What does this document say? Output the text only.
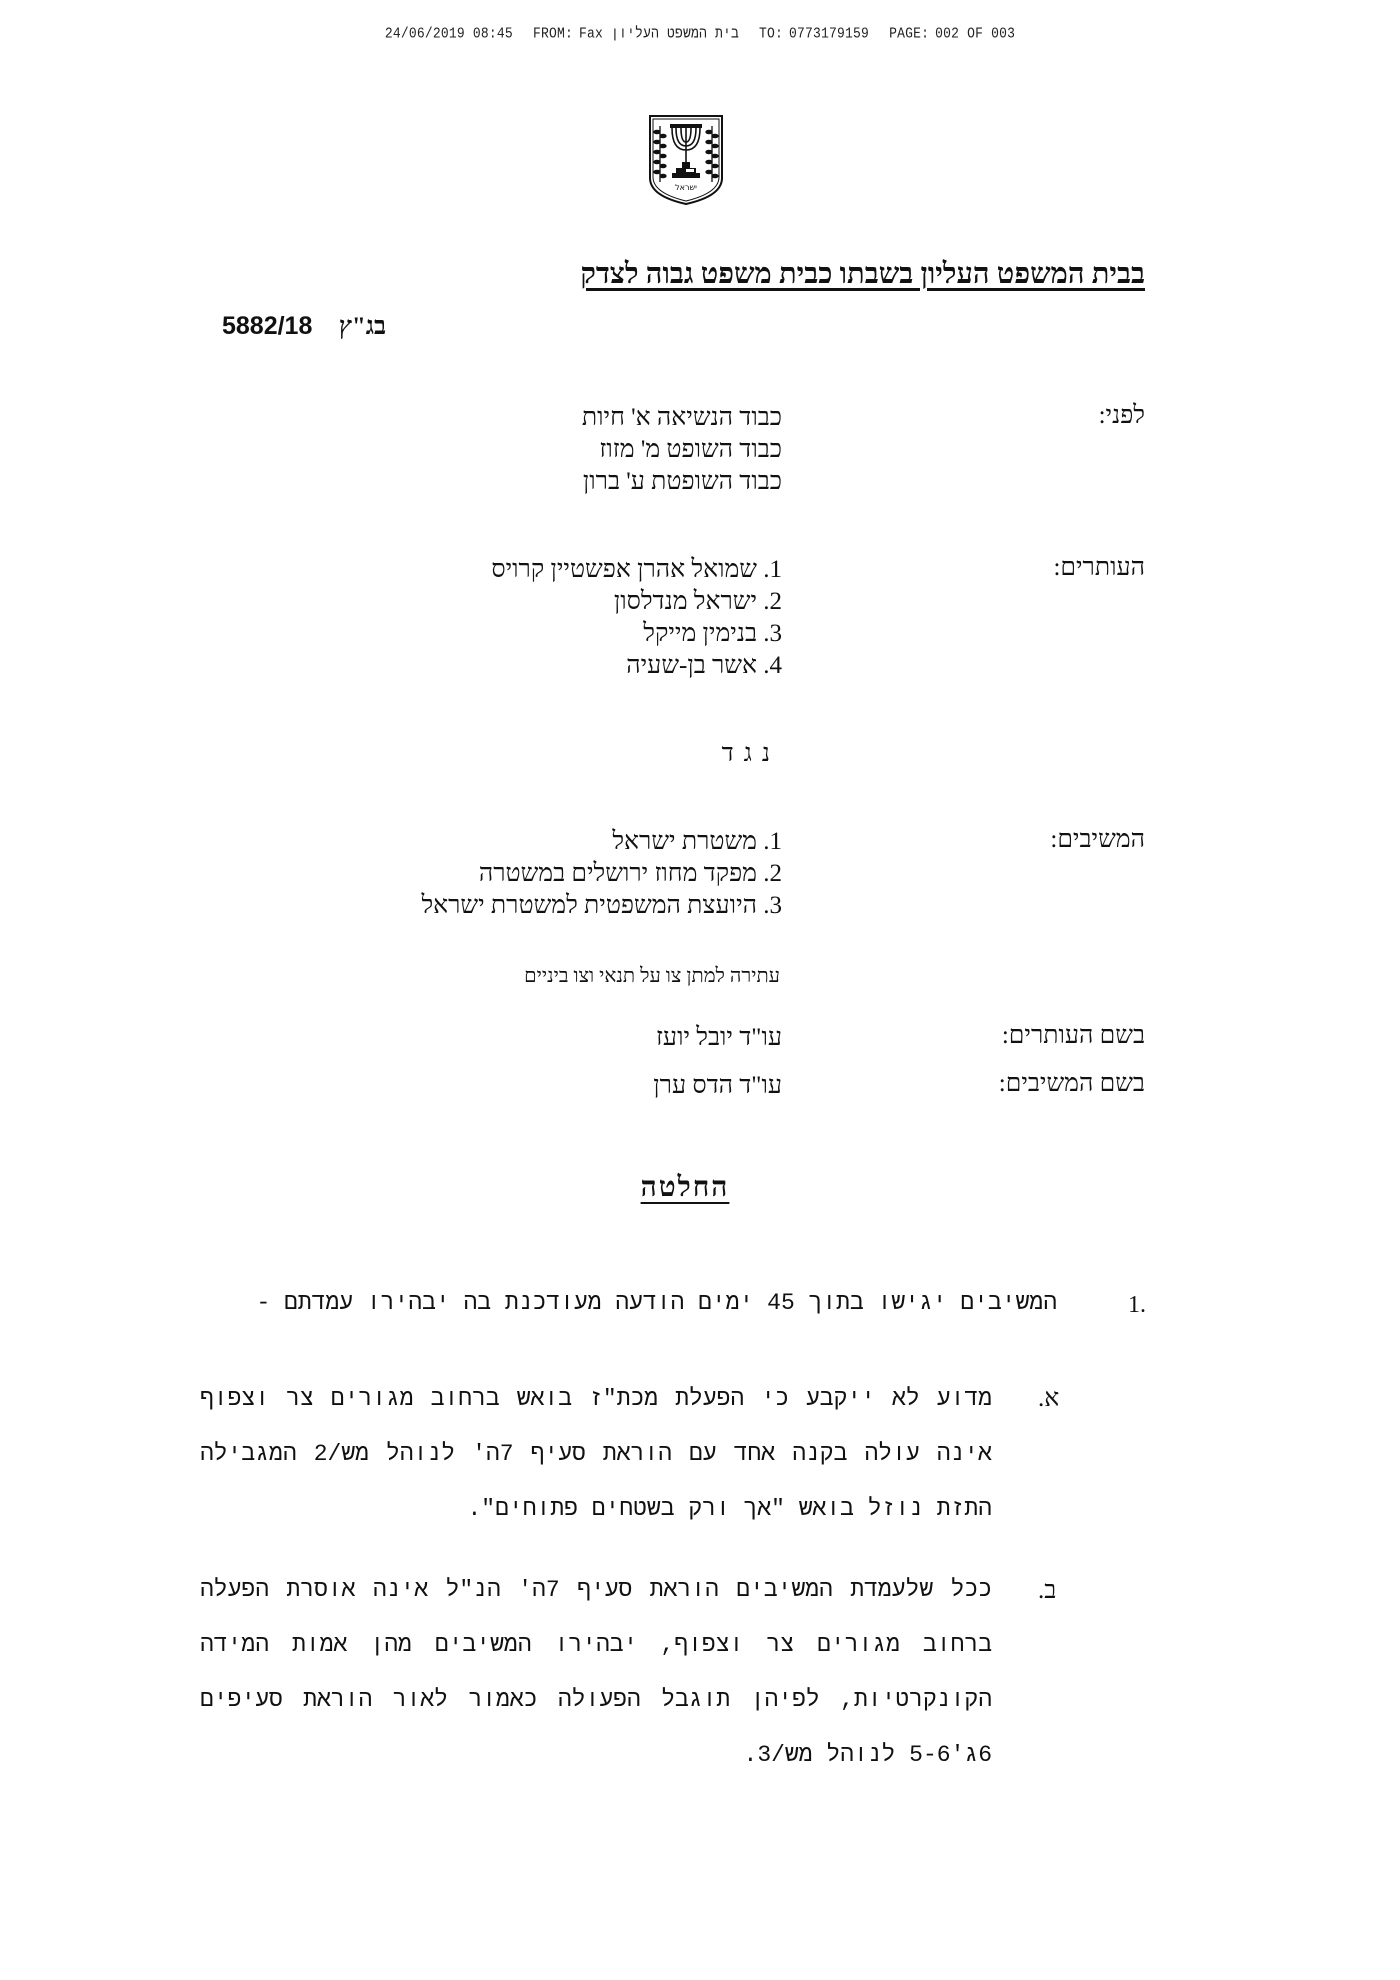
24/06/2019 08:45 FROM: Fax בית המשפט העליון TO: 0773179159 PAGE: 002 OF 003
ישראל
בבית המשפט העליון בשבתו כבית משפט גבוה לצדק
5882/18 בג"ץ
לפני:
כבוד הנשיאה א' חיות
כבוד השופט מ' מזוז
כבוד השופטת ע' ברון
העותרים:
1. שמואל אהרן אפשטיין קרויס
2. ישראל מנדלסון
3. בנימין מייקל
4. אשר בן-שעיה
נגד
המשיבים:
1. משטרת ישראל
2. מפקד מחוז ירושלים במשטרה
3. היועצת המשפטית למשטרת ישראל
עתירה למתן צו על תנאי וצו ביניים
בשם העותרים:
עו"ד יובל יועז
בשם המשיבים:
עו"ד הדס ערן
החלטה
1.
המשיבים יגישו בתוך 45 ימים הודעה מעודכנת בה יבהירו עמדתם -
א.
מדוע לא ייקבע כי הפעלת מכת"ז בואש ברחוב מגורים צר וצפוף אינה עולה בקנה אחד עם הוראת סעיף 7ה' לנוהל מש/2 המגבילה התזת נוזל בואש "אך ורק בשטחים פתוחים".
ב.
ככל שלעמדת המשיבים הוראת סעיף 7ה' הנ"ל אינה אוסרת הפעלה ברחוב מגורים צר וצפוף, יבהירו המשיבים מהן אמות המידה הקונקרטיות, לפיהן תוגבל הפעולה כאמור לאור הוראת סעיפים 6ג'5-6 לנוהל מש/3.
